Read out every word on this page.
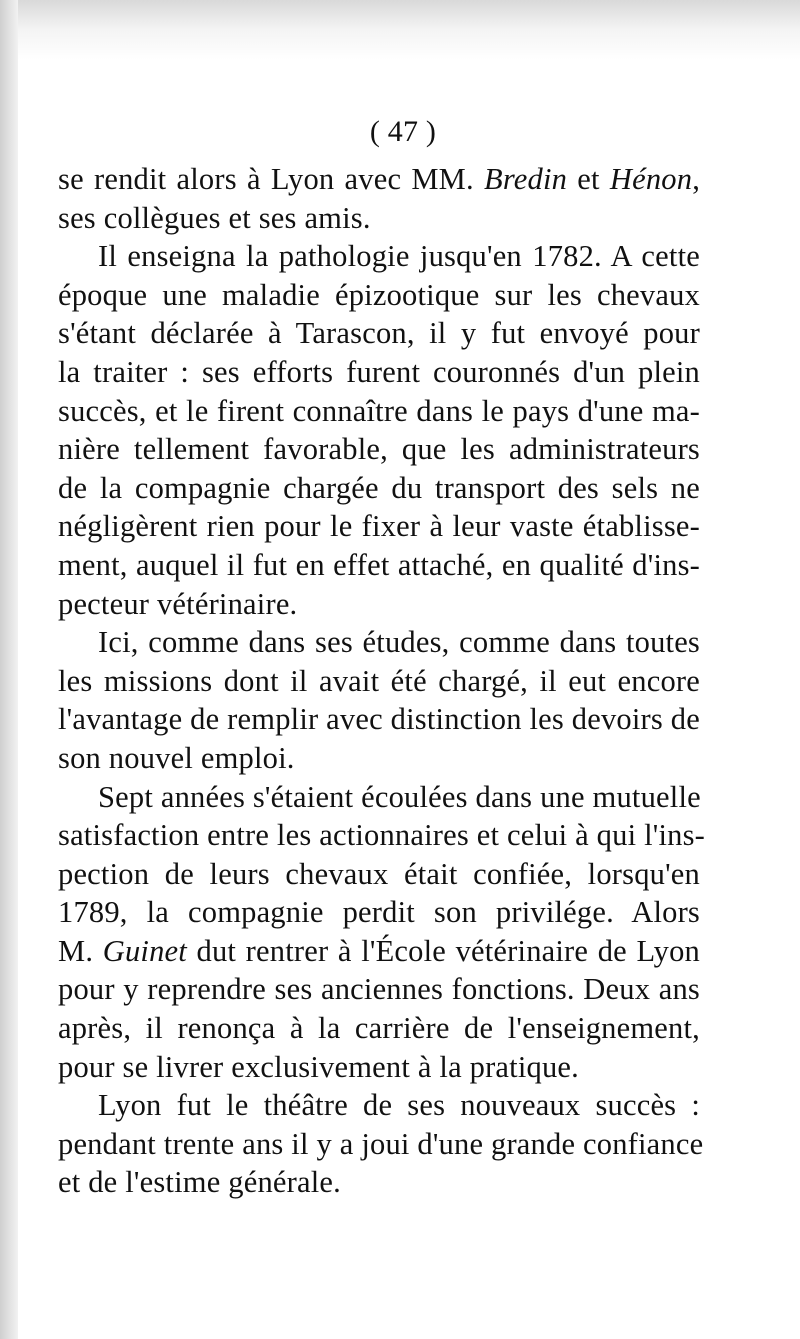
( 47 )
se rendit alors à Lyon avec MM. Bredin et Hénon,
ses collègues et ses amis.
Il enseigna la pathologie jusqu'en 1782. A cette
époque une maladie épizootique sur les chevaux
s'étant déclarée à Tarascon, il y fut envoyé pour
la traiter : ses efforts furent couronnés d'un plein
succès, et le firent connaître dans le pays d'une ma-
nière tellement favorable, que les administrateurs
de la compagnie chargée du transport des sels ne
négligèrent rien pour le fixer à leur vaste établisse-
ment, auquel il fut en effet attaché, en qualité d'ins-
pecteur vétérinaire.
Ici, comme dans ses études, comme dans toutes
les missions dont il avait été chargé, il eut encore
l'avantage de remplir avec distinction les devoirs de
son nouvel emploi.
Sept années s'étaient écoulées dans une mutuelle
satisfaction entre les actionnaires et celui à qui l'ins-
pection de leurs chevaux était confiée, lorsqu'en
1789, la compagnie perdit son privilége. Alors
M. Guinet dut rentrer à l'École vétérinaire de Lyon
pour y reprendre ses anciennes fonctions. Deux ans
après, il renonça à la carrière de l'enseignement,
pour se livrer exclusivement à la pratique.
Lyon fut le théâtre de ses nouveaux succès :
pendant trente ans il y a joui d'une grande confiance
et de l'estime générale.
